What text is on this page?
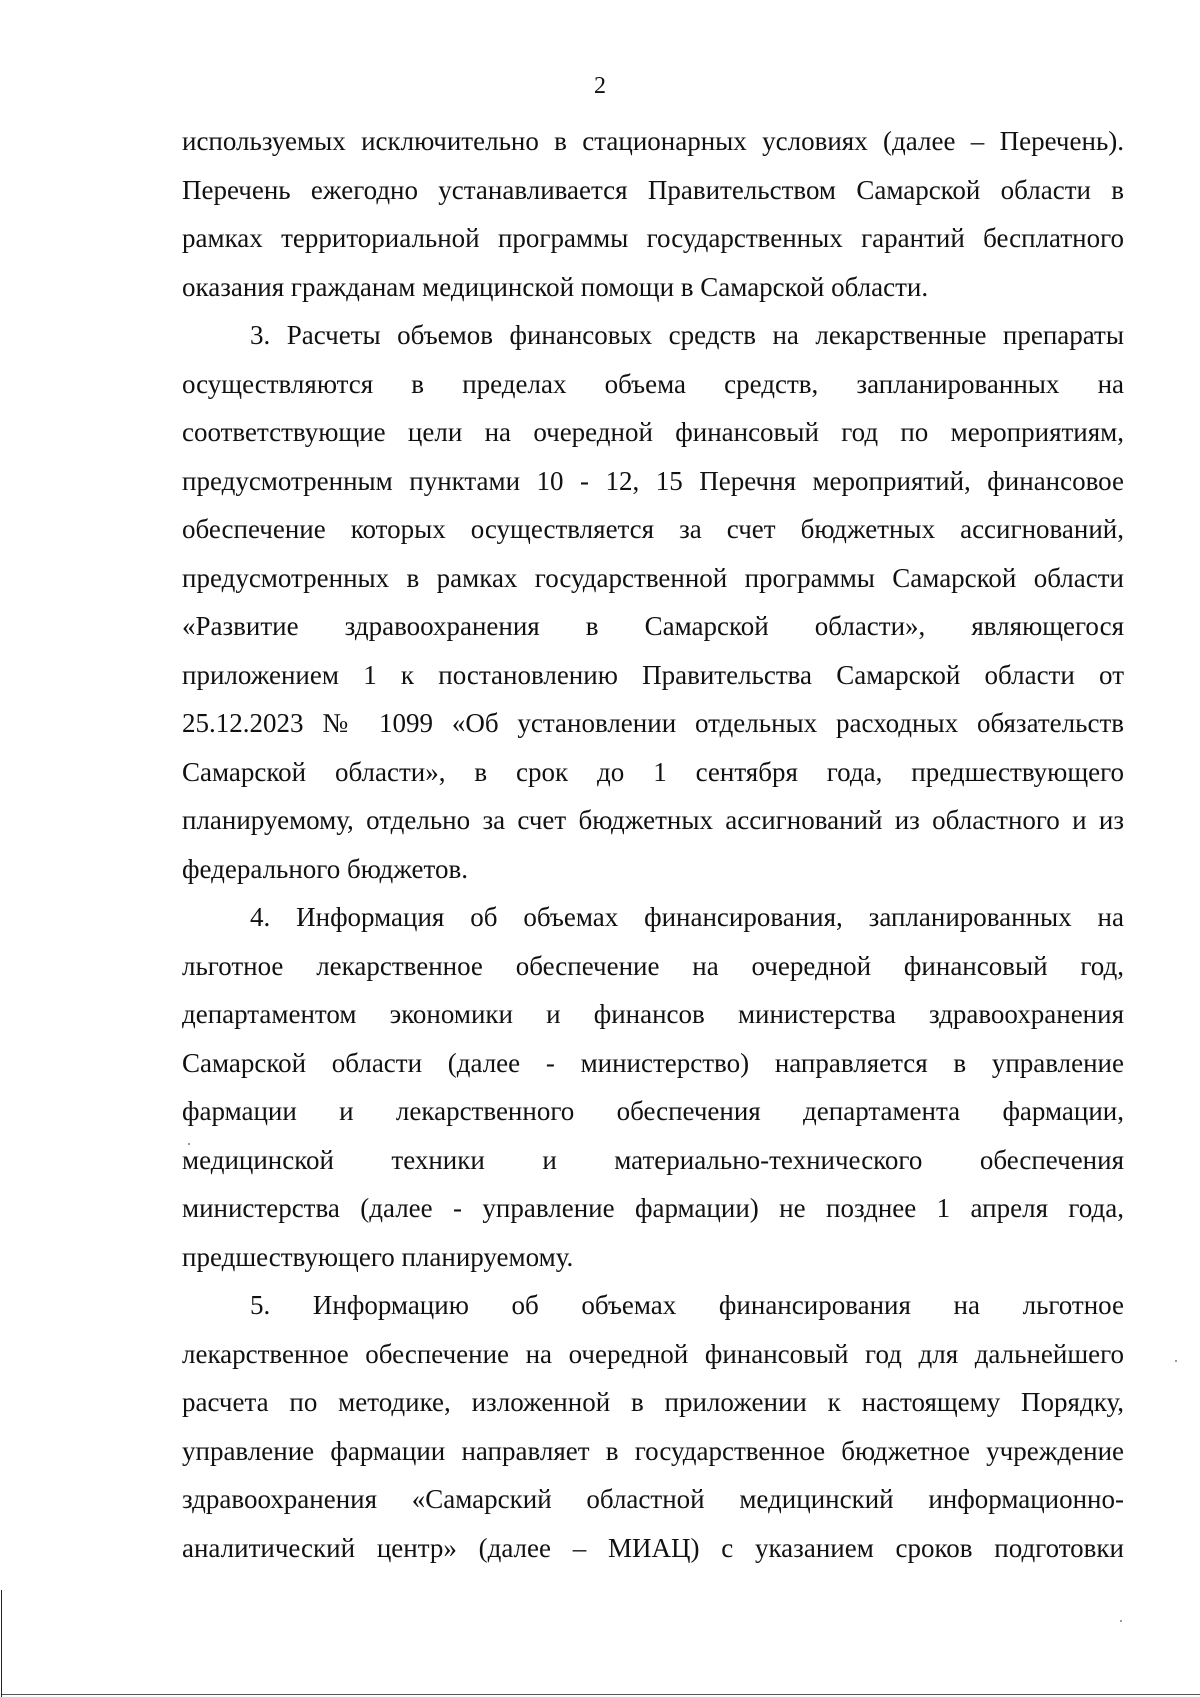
2
используемых исключительно в стационарных условиях (далее – Перечень).
Перечень ежегодно устанавливается Правительством Самарской области в
рамках территориальной программы государственных гарантий бесплатного
оказания гражданам медицинской помощи в Самарской области.
3. Расчеты объемов финансовых средств на лекарственные препараты
осуществляются в пределах объема средств, запланированных на
соответствующие цели на очередной финансовый год по мероприятиям,
предусмотренным пунктами 10 - 12, 15 Перечня мероприятий, финансовое
обеспечение которых осуществляется за счет бюджетных ассигнований,
предусмотренных в рамках государственной программы Самарской области
«Развитие здравоохранения в Самарской области», являющегося
приложением 1 к постановлению Правительства Самарской области от
25.12.2023 № 1099 «Об установлении отдельных расходных обязательств
Самарской области», в срок до 1 сентября года, предшествующего
планируемому, отдельно за счет бюджетных ассигнований из областного и из
федерального бюджетов.
4. Информация об объемах финансирования, запланированных на
льготное лекарственное обеспечение на очередной финансовый год,
департаментом экономики и финансов министерства здравоохранения
Самарской области (далее - министерство) направляется в управление
фармации и лекарственного обеспечения департамента фармации,
медицинской техники и материально-технического обеспечения
министерства (далее - управление фармации) не позднее 1 апреля года,
предшествующего планируемому.
5. Информацию об объемах финансирования на льготное
лекарственное обеспечение на очередной финансовый год для дальнейшего
расчета по методике, изложенной в приложении к настоящему Порядку,
управление фармации направляет в государственное бюджетное учреждение
здравоохранения «Самарский областной медицинский информационно-
аналитический центр» (далее – МИАЦ) с указанием сроков подготовки
